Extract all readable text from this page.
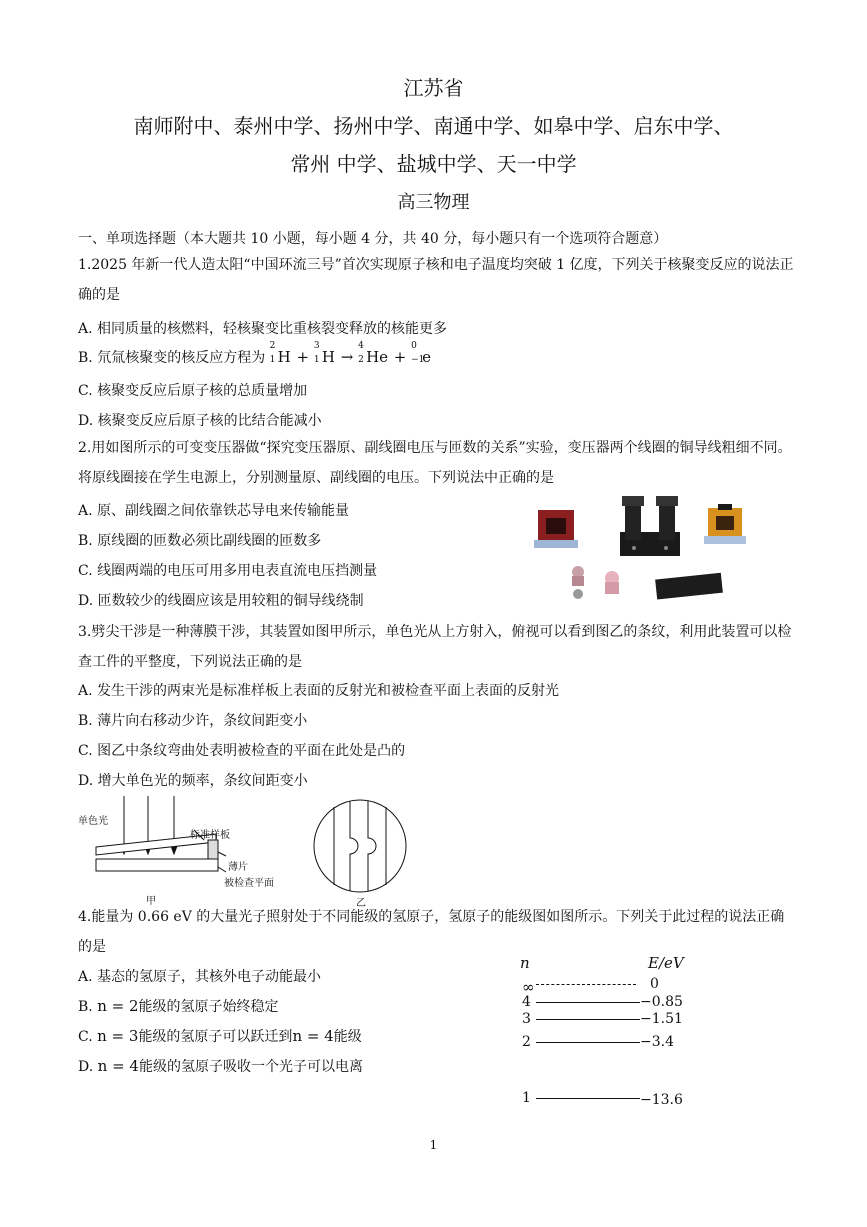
江苏省
南师附中、泰州中学、扬州中学、南通中学、如皋中学、启东中学、
常州 中学、盐城中学、天一中学
高三物理
一、单项选择题（本大题共 10 小题，每小题 4 分，共 40 分，每小题只有一个选项符合题意）
1.2025 年新一代人造太阳“中国环流三号”首次实现原子核和电子温度均突破 1 亿度，下列关于核聚变反应的说法正确的是
A. 相同质量的核燃料，轻核聚变比重核裂变释放的核能更多
B. 氘氚核聚变的核反应方程为
2
1 H +
3
1 H →
4
2 He +
0
−1
e
C. 核聚变反应后原子核的总质量增加
D. 核聚变反应后原子核的比结合能减小
2.用如图所示的可变变压器做“探究变压器原、副线圈电压与匝数的关系”实验，变压器两个线圈的铜导线粗细不同。将原线圈接在学生电源上，分别测量原、副线圈的电压。下列说法中正确的是
A. 原、副线圈之间依靠铁芯导电来传输能量
B. 原线圈的匝数必须比副线圈的匝数多
C. 线圈两端的电压可用多用电表直流电压挡测量
D. 匝数较少的线圈应该是用较粗的铜导线绕制
3.劈尖干涉是一种薄膜干涉，其装置如图甲所示，单色光从上方射入，俯视可以看到图乙的条纹，利用此装置可以检查工件的平整度，下列说法正确的是
A. 发生干涉的两束光是标准样板上表面的反射光和被检查平面上表面的反射光
B. 薄片向右移动少许，条纹间距变小
C. 图乙中条纹弯曲处表明被检查的平面在此处是凸的
D. 增大单色光的频率，条纹间距变小
单色光
标准样板
薄片
被检查平面
甲	乙
4.能量为 0.66 eV 的大量光子照射处于不同能级的氢原子，氢原子的能级图如图所示。下列关于此过程的说法正确的是
A. 基态的氢原子，其核外电子动能最小
B. n = 2能级的氢原子始终稳定
C. n = 3能级的氢原子可以跃迁到n = 4能级
D. n = 4能级的氢原子吸收一个光子可以电离
n	E/eV
∞	0
4	−0.85
3	−1.51
2	−3.4
1	−13.6
1
